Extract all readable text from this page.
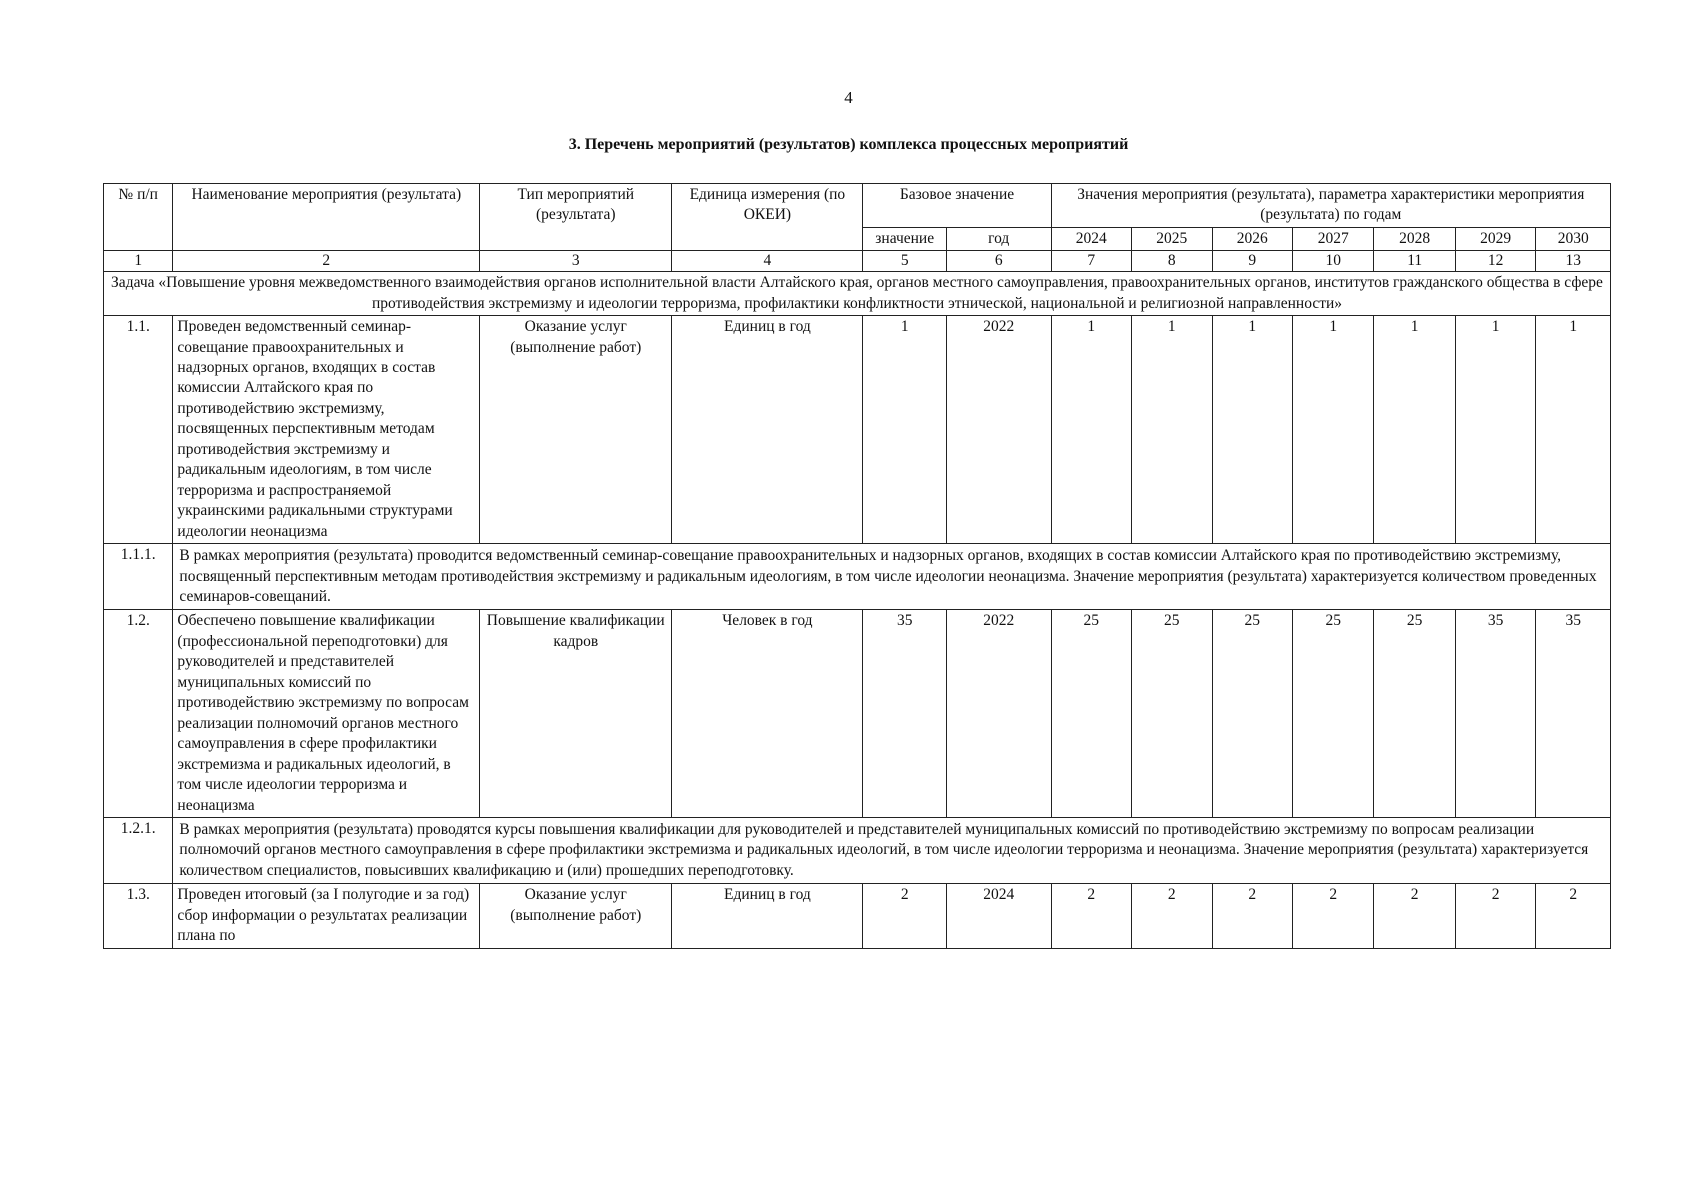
4
3. Перечень мероприятий (результатов) комплекса процессных мероприятий
№ п/п	Наименование мероприятия (результата)	Тип мероприятий (результата)	Единица измерения (по ОКЕИ)	Базовое значение		Значения мероприятия (результата), параметра характеристики мероприятия (результата) по годам						
				значение	год	2024	2025	2026	2027	2028	2029	2030
1	2	3	4	5	6	7	8	9	10	11	12	13
Задача «Повышение уровня межведомственного взаимодействия органов исполнительной власти Алтайского края, органов местного самоуправления, правоохранительных органов, институтов гражданского общества в сфере противодействия экстремизму и идеологии терроризма, профилактики конфликтности этнической, национальной и религиозной направленности»												
1.1.	Проведен ведомственный семинар-совещание правоохранительных и надзорных органов, входящих в состав комиссии Алтайского края по противодействию экстремизму, посвященных перспективным методам противодействия экстремизму и радикальным идеологиям, в том числе терроризма и распространяемой украинскими радикальными структурами идеологии неонацизма	Оказание услуг (выполнение работ)	Единиц в год	1	2022	1	1	1	1	1	1	1
1.1.1.	В рамках мероприятия (результата) проводится ведомственный семинар-совещание правоохранительных и надзорных органов, входящих в состав комиссии Алтайского края по противодействию экстремизму, посвященный перспективным методам противодействия экстремизму и радикальным идеологиям, в том числе идеологии неонацизма. Значение мероприятия (результата) характеризуется количеством проведенных семинаров-совещаний.											
1.2.	Обеспечено повышение квалификации (профессиональной переподготовки) для руководителей и представителей муниципальных комиссий по противодействию экстремизму по вопросам реализации полномочий органов местного самоуправления в сфере профилактики экстремизма и радикальных идеологий, в том числе идеологии терроризма и неонацизма	Повышение квалификации кадров	Человек в год	35	2022	25	25	25	25	25	35	35
1.2.1.	В рамках мероприятия (результата) проводятся курсы повышения квалификации для руководителей и представителей муниципальных комиссий по противодействию экстремизму по вопросам реализации полномочий органов местного самоуправления в сфере профилактики экстремизма и радикальных идеологий, в том числе идеологии терроризма и неонацизма. Значение мероприятия (результата) характеризуется количеством специалистов, повысивших квалификацию и (или) прошедших переподготовку.											
1.3.	Проведен итоговый (за I полугодие и за год) сбор информации о результатах реализации плана по	Оказание услуг (выполнение работ)	Единиц в год	2	2024	2	2	2	2	2	2	2
